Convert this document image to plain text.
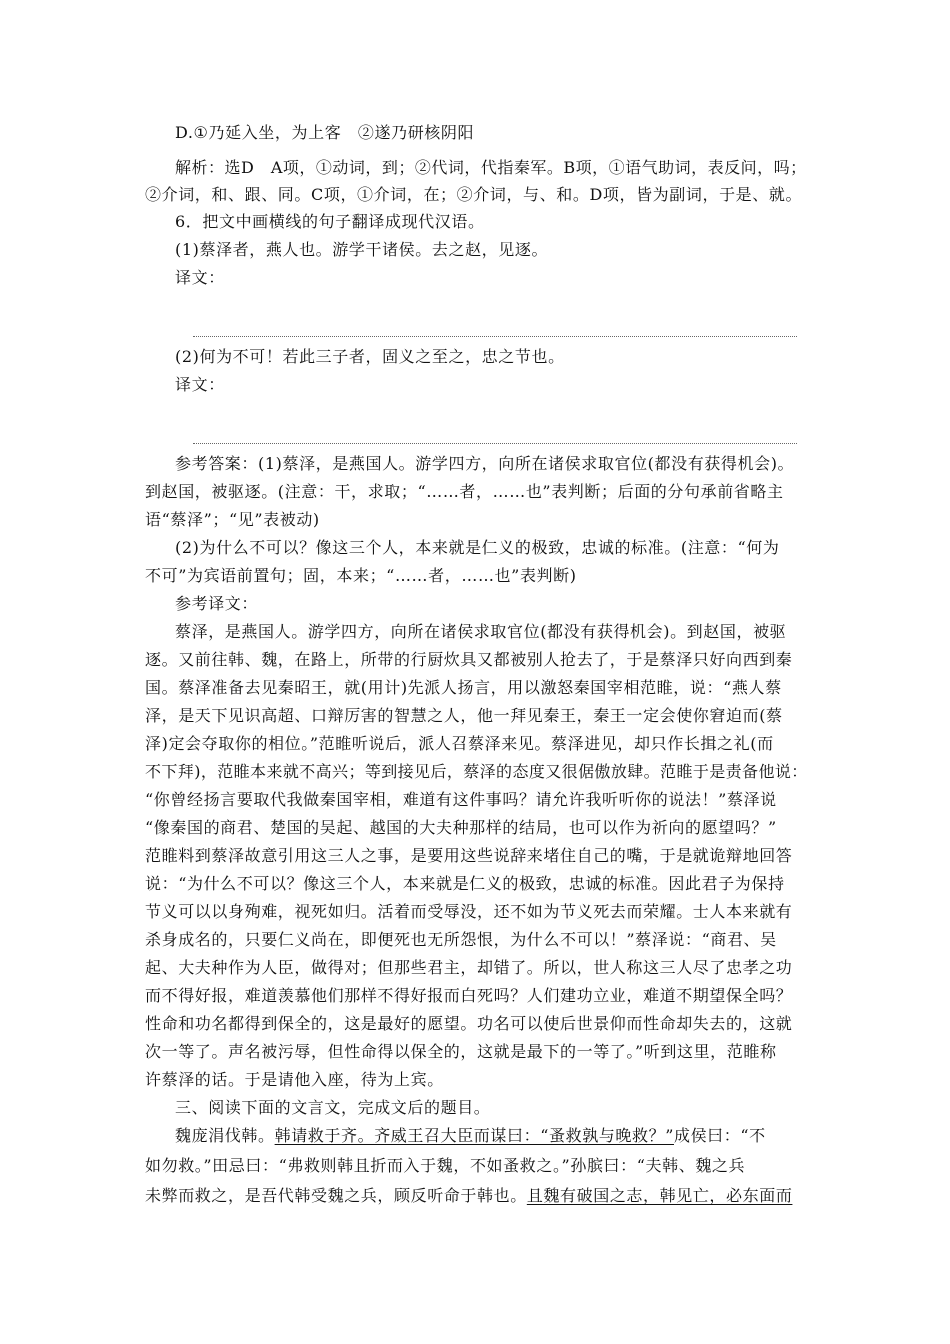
D.①乃延入坐，为上客　②遂乃研核阴阳
解析：选D　A项，①动词，到；②代词，代指秦军。B项，①语气助词，表反问，吗；
②介词，和、跟、同。C项，①介词，在；②介词，与、和。D项，皆为副词，于是、就。
6．把文中画横线的句子翻译成现代汉语。
(1)蔡泽者，燕人也。游学干诸侯。去之赵，见逐。
译文：
(2)何为不可！若此三子者，固义之至之，忠之节也。
译文：
参考答案：(1)蔡泽，是燕国人。游学四方，向所在诸侯求取官位(都没有获得机会)。
到赵国，被驱逐。(注意：干，求取；“……者，……也”表判断；后面的分句承前省略主
语“蔡泽”；“见”表被动)
(2)为什么不可以？像这三个人，本来就是仁义的极致，忠诚的标准。(注意：“何为
不可”为宾语前置句；固，本来；“……者，……也”表判断)
参考译文：
蔡泽，是燕国人。游学四方，向所在诸侯求取官位(都没有获得机会)。到赵国，被驱
逐。又前往韩、魏，在路上，所带的行厨炊具又都被别人抢去了，于是蔡泽只好向西到秦
国。蔡泽准备去见秦昭王，就(用计)先派人扬言，用以激怒秦国宰相范睢，说：“燕人蔡
泽，是天下见识高超、口辩厉害的智慧之人，他一拜见秦王，秦王一定会使你窘迫而(蔡
泽)定会夺取你的相位。”范睢听说后，派人召蔡泽来见。蔡泽进见，却只作长揖之礼(而
不下拜)，范睢本来就不高兴；等到接见后，蔡泽的态度又很倨傲放肆。范睢于是责备他说：
“你曾经扬言要取代我做秦国宰相，难道有这件事吗？请允许我听听你的说法！”蔡泽说
“像秦国的商君、楚国的吴起、越国的大夫种那样的结局，也可以作为祈向的愿望吗？”
范睢料到蔡泽故意引用这三人之事，是要用这些说辞来堵住自己的嘴，于是就诡辩地回答
说：“为什么不可以？像这三个人，本来就是仁义的极致，忠诚的标准。因此君子为保持
节义可以以身殉难，视死如归。活着而受辱没，还不如为节义死去而荣耀。士人本来就有
杀身成名的，只要仁义尚在，即便死也无所怨恨，为什么不可以！”蔡泽说：“商君、吴
起、大夫种作为人臣，做得对；但那些君主，却错了。所以，世人称这三人尽了忠孝之功
而不得好报，难道羡慕他们那样不得好报而白死吗？人们建功立业，难道不期望保全吗？
性命和功名都得到保全的，这是最好的愿望。功名可以使后世景仰而性命却失去的，这就
次一等了。声名被污辱，但性命得以保全的，这就是最下的一等了。”听到这里，范睢称
许蔡泽的话。于是请他入座，待为上宾。
三、阅读下面的文言文，完成文后的题目。
魏庞涓伐韩。韩请救于齐。齐威王召大臣而谋曰：“蚤救孰与晚救？”成侯曰：“不
如勿救。”田忌曰：“弗救则韩且折而入于魏，不如蚤救之。”孙膑曰：“夫韩、魏之兵
未弊而救之，是吾代韩受魏之兵，顾反听命于韩也。且魏有破国之志，韩见亡，必东面而
